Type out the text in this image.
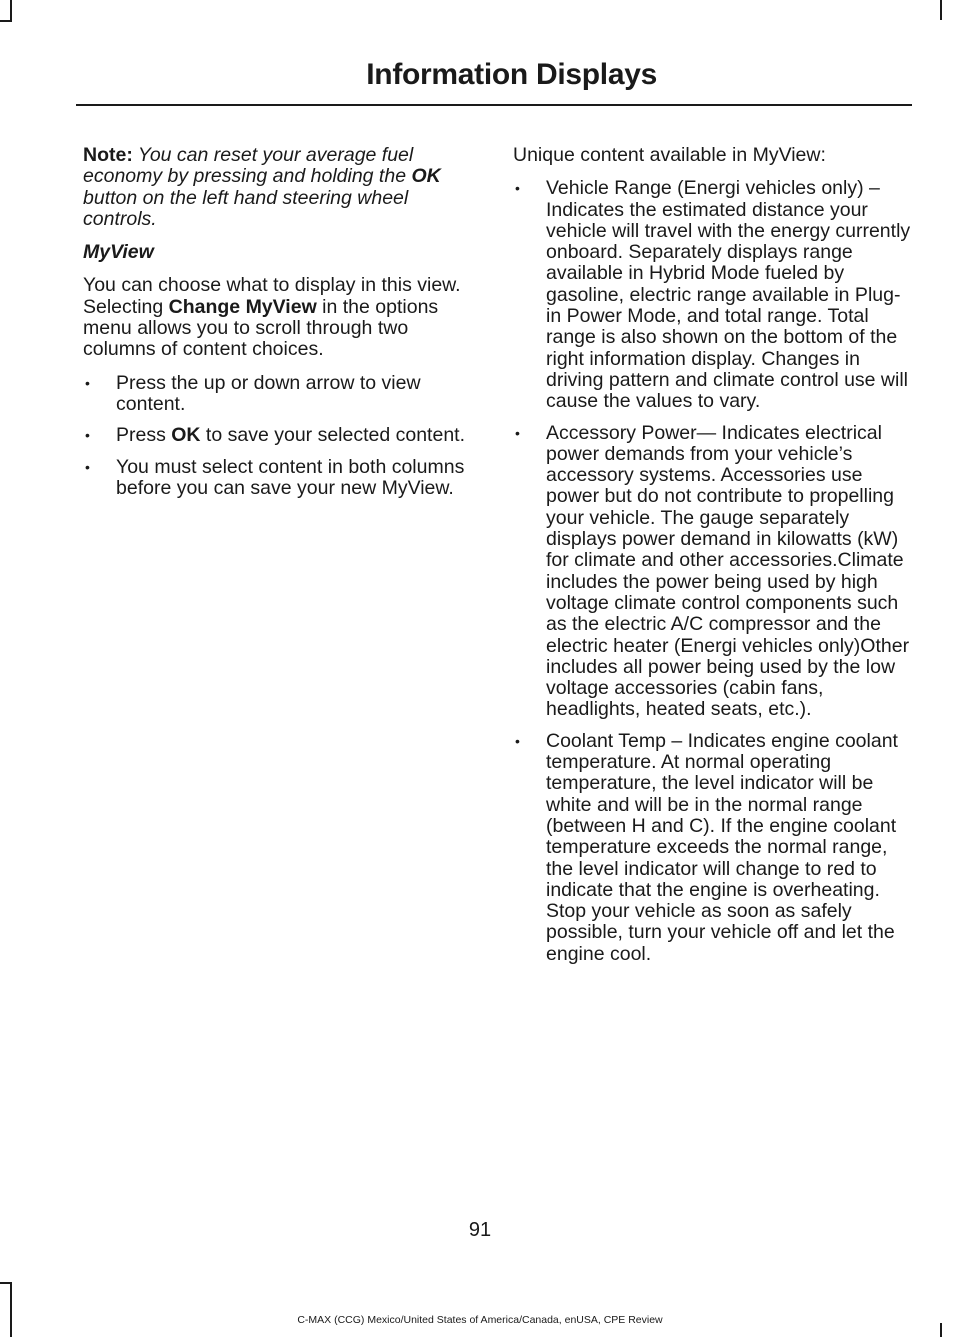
Information Displays

Note: You can reset your average fuel economy by pressing and holding the OK button on the left hand steering wheel controls.

MyView

You can choose what to display in this view. Selecting Change MyView in the options menu allows you to scroll through two columns of content choices.

• Press the up or down arrow to view content.
• Press OK to save your selected content.
• You must select content in both columns before you can save your new MyView.

Unique content available in MyView:

• Vehicle Range (Energi vehicles only) – Indicates the estimated distance your vehicle will travel with the energy currently onboard. Separately displays range available in Hybrid Mode fueled by gasoline, electric range available in Plug-in Power Mode, and total range. Total range is also shown on the bottom of the right information display. Changes in driving pattern and climate control use will cause the values to vary.
• Accessory Power— Indicates electrical power demands from your vehicle’s accessory systems. Accessories use power but do not contribute to propelling your vehicle. The gauge separately displays power demand in kilowatts (kW) for climate and other accessories.Climate includes the power being used by high voltage climate control components such as the electric A/C compressor and the electric heater (Energi vehicles only)Other includes all power being used by the low voltage accessories (cabin fans, headlights, heated seats, etc.).
• Coolant Temp – Indicates engine coolant temperature. At normal operating temperature, the level indicator will be white and will be in the normal range (between H and C). If the engine coolant temperature exceeds the normal range, the level indicator will change to red to indicate that the engine is overheating. Stop your vehicle as soon as safely possible, turn your vehicle off and let the engine cool.

91

C-MAX (CCG) Mexico/United States of America/Canada, enUSA, CPE Review
